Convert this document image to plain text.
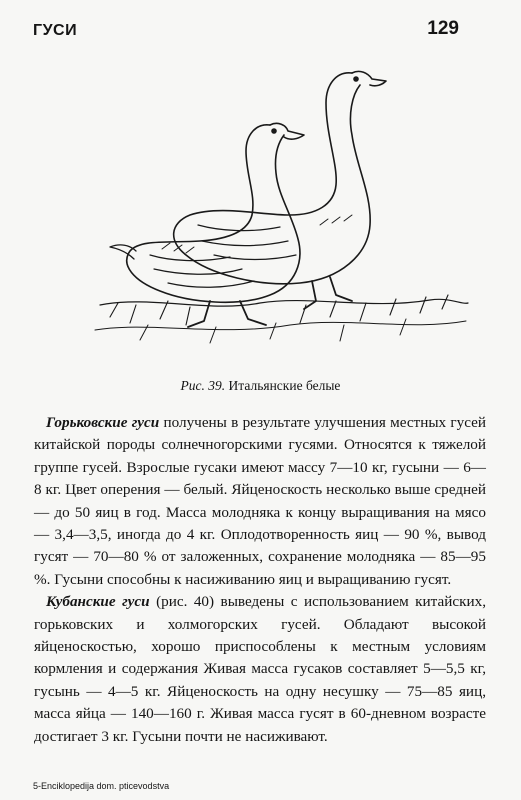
ГУСИ	129
Рис. 39. Итальянские белые

Горьковские гуси получены в результате улучшения местных гусей китайской породы солнечногорскими гусями. Относятся к тяжелой группе гусей. Взрослые гусаки имеют массу 7—10 кг, гусыни — 6—8 кг. Цвет оперения — белый. Яйценоскость несколько выше средней — до 50 яиц в год. Масса молодняка к концу выращивания на мясо — 3,4—3,5, иногда до 4 кг. Оплодотворенность яиц — 90 %, вывод гусят — 70—80 % от заложенных, сохранение молодняка — 85—95 %. Гусыни способны к насиживанию яиц и выращиванию гусят.

Кубанские гуси (рис. 40) выведены с использованием китайских, горьковских и холмогорских гусей. Обладают высокой яйценоскостью, хорошо приспособлены к местным условиям кормления и содержания Живая масса гусаков составляет 5—5,5 кг, гусынь — 4—5 кг. Яйценоскость на одну несушку — 75—85 яиц, масса яйца — 140—160 г. Живая масса гусят в 60-дневном возрасте достигает 3 кг. Гусыни почти не насиживают.

5-Enciklopedija dom. pticevodstva
